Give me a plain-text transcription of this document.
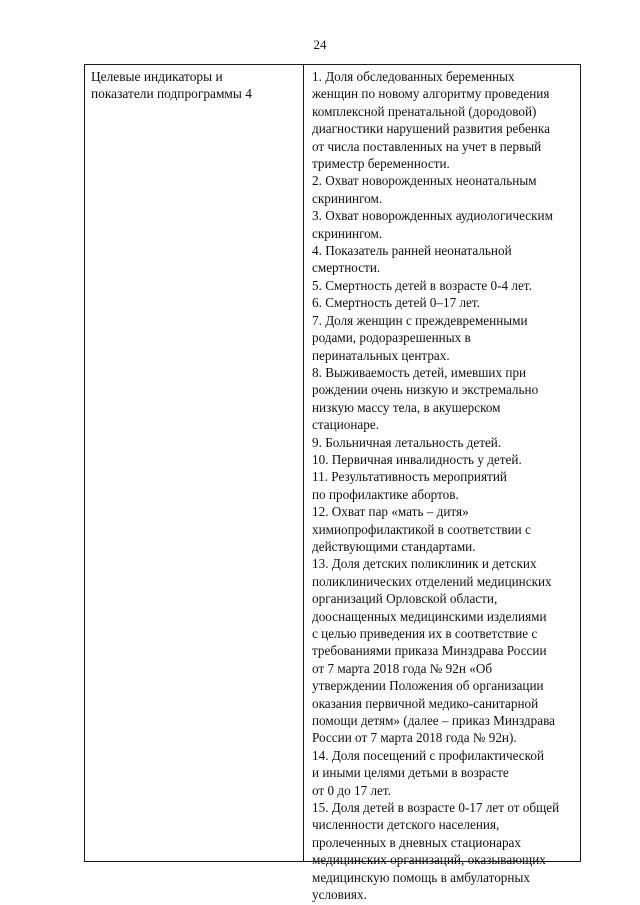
24
Целевые индикаторы и
показатели подпрограммы 4
1. Доля обследованных беременных
женщин по новому алгоритму проведения
комплексной пренатальной (дородовой)
диагностики нарушений развития ребенка
от числа поставленных на учет в первый
триместр беременности.
2. Охват новорожденных неонатальным
скринингом.
3. Охват новорожденных аудиологическим
скринингом.
4. Показатель ранней неонатальной
смертности.
5. Смертность детей в возрасте 0-4 лет.
6. Смертность детей 0–17 лет.
7. Доля женщин с преждевременными
родами, родоразрешенных в
перинатальных центрах.
8. Выживаемость детей, имевших при
рождении очень низкую и экстремально
низкую массу тела, в акушерском
стационаре.
9. Больничная летальность детей.
10. Первичная инвалидность у детей.
11. Результативность мероприятий
по профилактике абортов.
12. Охват пар «мать – дитя»
химиопрофилактикой в соответствии с
действующими стандартами.
13. Доля детских поликлиник и детских
поликлинических отделений медицинских
организаций Орловской области,
дооснащенных медицинскими изделиями
с целью приведения их в соответствие с
требованиями приказа Минздрава России
от 7 марта 2018 года № 92н «Об
утверждении Положения об организации
оказания первичной медико-санитарной
помощи детям» (далее – приказ Минздрава
России от 7 марта 2018 года № 92н).
14. Доля посещений с профилактической
и иными целями детьми в возрасте
от 0 до 17 лет.
15. Доля детей в возрасте 0-17 лет от общей
численности детского населения,
пролеченных в дневных стационарах
медицинских организаций, оказывающих
медицинскую помощь в амбулаторных
условиях.
